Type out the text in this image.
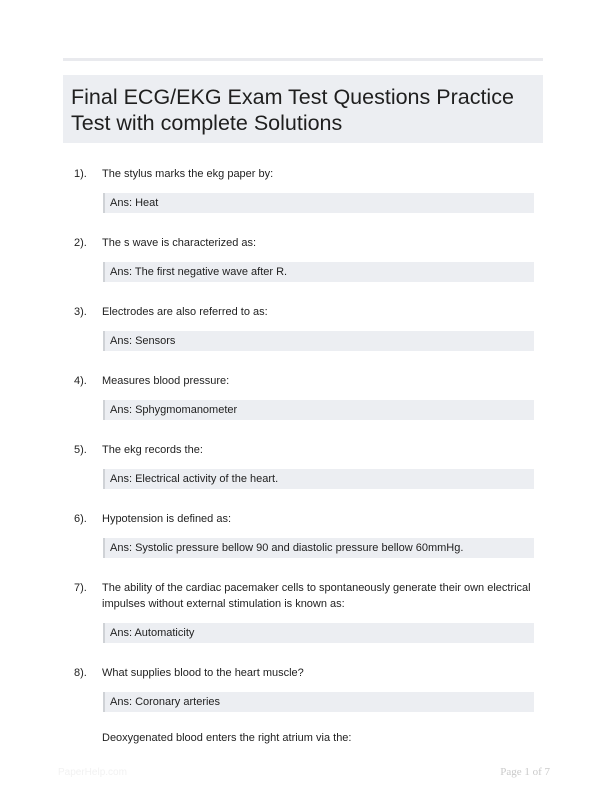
Final ECG/EKG Exam Test Questions Practice Test with complete Solutions
1). The stylus marks the ekg paper by:
Ans: Heat
2). The s wave is characterized as:
Ans: The first negative wave after R.
3). Electrodes are also referred to as:
Ans: Sensors
4). Measures blood pressure:
Ans: Sphygmomanometer
5). The ekg records the:
Ans: Electrical activity of the heart.
6). Hypotension is defined as:
Ans: Systolic pressure bellow 90 and diastolic pressure bellow 60mmHg.
7). The ability of the cardiac pacemaker cells to spontaneously generate their own electrical impulses without external stimulation is known as:
Ans: Automaticity
8). What supplies blood to the heart muscle?
Ans: Coronary arteries
Deoxygenated blood enters the right atrium via the:
PaperHelp.com	Page 1 of 7
